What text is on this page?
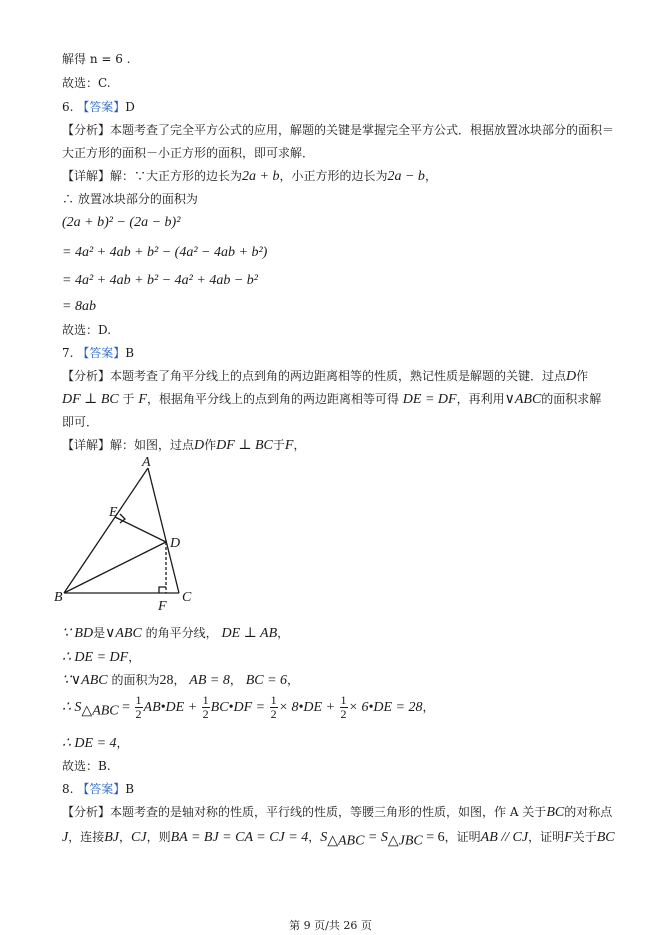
解得 n = 6 .
故选：C.
6. 【答案】D
【分析】本题考查了完全平方公式的应用，解题的关键是掌握完全平方公式．根据放置冰块部分的面积＝
大正方形的面积－小正方形的面积，即可求解．
【详解】解：∵大正方形的边长为2a + b，小正方形的边长为2a − b，
∴ 放置冰块部分的面积为
(2a + b)² − (2a − b)²
= 4a² + 4ab + b² − (4a² − 4ab + b²)
= 4a² + 4ab + b² − 4a² + 4ab − b²
= 8ab
故选：D.
7. 【答案】B
【分析】本题考查了角平分线上的点到角的两边距离相等的性质，熟记性质是解题的关键．过点D作
DF ⊥ BC 于 F，根据角平分线上的点到角的两边距离相等可得 DE = DF，再利用∨ABC的面积求解
即可．
【详解】解：如图，过点D作DF ⊥ BC于F，
A
E
D
B	C
F
∵ BD是∨ABC 的角平分线， DE ⊥ AB，
∴ DE = DF，
∵∨ABC 的面积为28， AB = 8， BC = 6，
∴ $S_{\triangle ABC} = \frac{1}{2}$ AB•DE + $\frac{1}{2}$ BC•DF = $\frac{1}{2}$ × 8•DE + $\frac{1}{2}$ × 6•DE = 28，
∴ DE = 4，
故选：B.
8. 【答案】B
【分析】本题考查的是轴对称的性质，平行线的性质，等腰三角形的性质，如图，作 A 关于BC的对称点
J，连接BJ，CJ，则BA = BJ = CA = CJ = 4，$S_{\triangle ABC} = S_{\triangle JBC} = 6$，证明AB // CJ，证明F关于BC
第 9 页/共 26 页
